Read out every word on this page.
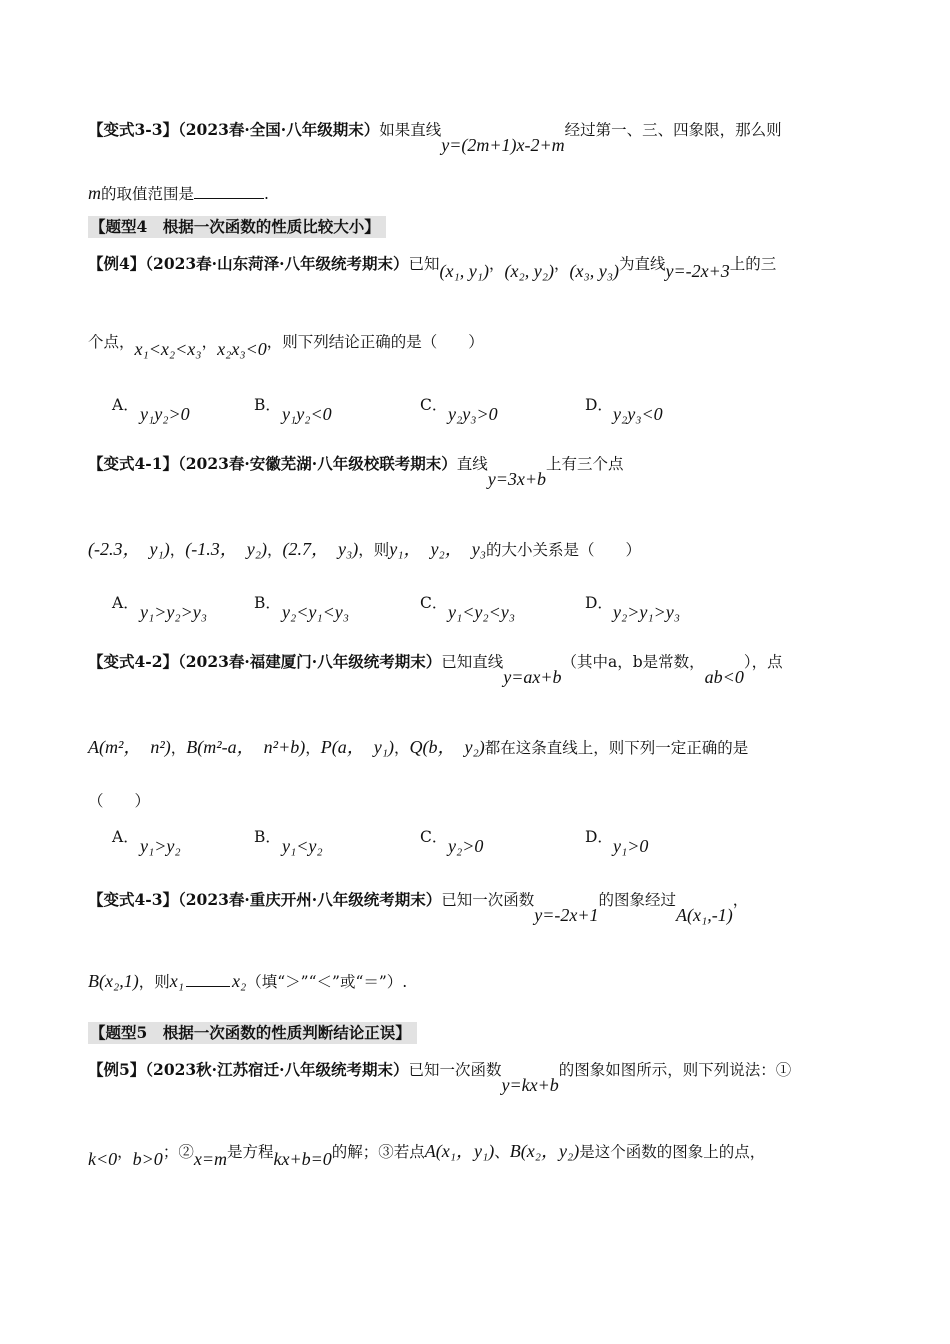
【变式3-3】（2023春·全国·八年级期末）如果直线y=(2m+1)x-2+m经过第一、三、四象限，那么则
m的取值范围是	.
【题型4　根据一次函数的性质比较大小】
【例4】（2023春·山东菏泽·八年级统考期末）已知(x₁, y₁)，(x₂, y₂)，(x₃, y₃)为直线y=-2x+3上的三
个点，x₁<x₂<x₃，x₂x₃<0，则下列结论正确的是（　　）
A．y₁y₂>0	B．y₁y₂<0	C．y₂y₃>0	D．y₂y₃<0
【变式4-1】（2023春·安徽芜湖·八年级校联考期末）直线y=3x+b上有三个点
(-2.3，　y₁)，(-1.3，　y₂)，(2.7，　y₃)，则y₁，　y₂，　y₃的大小关系是（　　）
A．y₁>y₂>y₃	B．y₂<y₁<y₃	C．y₁<y₂<y₃	D．y₂>y₁>y₃
【变式4-2】（2023春·福建厦门·八年级统考期末）已知直线y=ax+b（其中a，b是常数，ab<0），点
A(m²，　n²)，B(m²-a，　n²+b)，P(a，　y₁)，Q(b，　y₂)都在这条直线上，则下列一定正确的是
（　　）
A．y₁>y₂	B．y₁<y₂	C．y₂>0	D．y₁>0
【变式4-3】（2023春·重庆开州·八年级统考期末）已知一次函数y=-2x+1的图象经过A(x₁,-1)，
B(x₂,1)，则x₁	x₂（填“＞”“＜”或“＝”）.
【题型5　根据一次函数的性质判断结论正误】
【例5】（2023秋·江苏宿迁·八年级统考期末）已知一次函数y=kx+b的图象如图所示，则下列说法：①
k<0，b>0；②x=m是方程kx+b=0的解；③若点A(x₁，y₁)、B(x₂，y₂)是这个函数的图象上的点，
